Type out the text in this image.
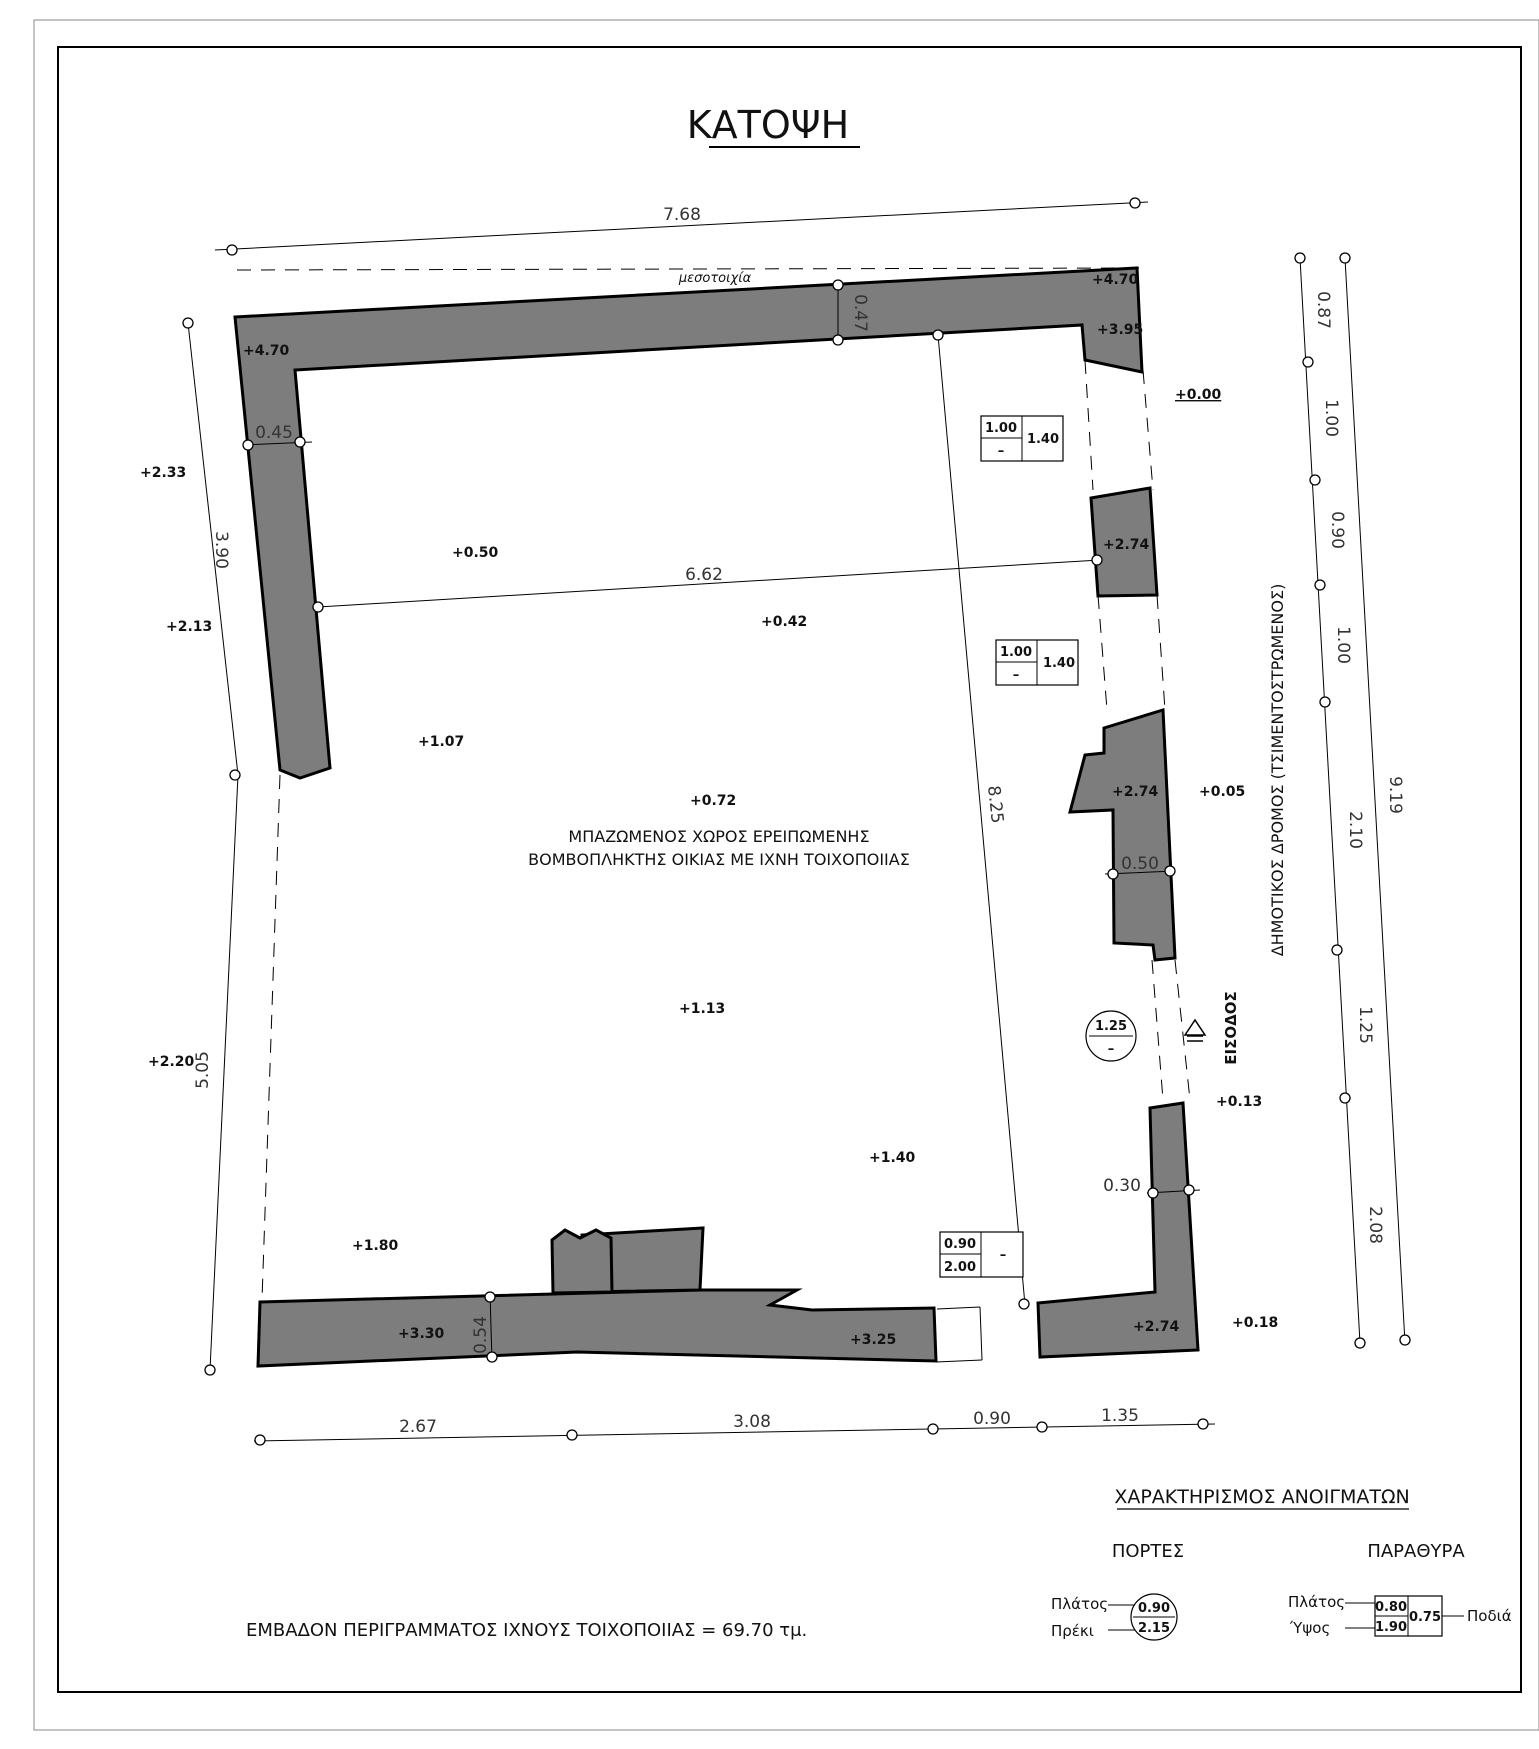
ΚΑΤΟΨΗ
7.68
0.47
0.45
3.90
5.05
6.62
8.25
0.50
0.30
0.54
0.87
1.00
0.90
1.00
2.10
1.25
2.08
9.19
2.67	3.08	0.90	1.35
μεσοτοιχία
+4.70
+4.70
+3.95
+0.00
+2.33
+2.13
+2.20
+0.50
+0.42
+1.07
+0.72
+1.13
+1.40
+1.80
+2.74
+2.74
+2.74
+0.05
+0.13
+0.18
+3.30	+3.25
1.00
–
1.40
1.00
–
1.40
0.90
2.00
–
1.25
–	ΕΙΣΟΔΟΣ
ΔΗΜΟΤΙΚΟΣ ΔΡΟΜΟΣ (ΤΣΙΜΕΝΤΟΣΤΡΩΜΕΝΟΣ)
ΜΠΑΖΩΜΕΝΟΣ ΧΩΡΟΣ ΕΡΕΙΠΩΜΕΝΗΣ
ΒΟΜΒΟΠΛΗΚΤΗΣ ΟΙΚΙΑΣ ΜΕ ΙΧΝΗ ΤΟΙΧΟΠΟΙΙΑΣ
ΧΑΡΑΚΤΗΡΙΣΜΟΣ ΑΝΟΙΓΜΑΤΩΝ
ΠΟΡΤΕΣ	ΠΑΡΑΘΥΡΑ
Πλάτος
Πρέκι
0.90
2.15
Πλάτος
Ύψος
0.80
1.90
0.75 Ποδιά
ΕΜΒΑΔΟΝ ΠΕΡΙΓΡΑΜΜΑΤΟΣ ΙΧΝΟΥΣ ΤΟΙΧΟΠΟΙΙΑΣ = 69.70 τμ.
